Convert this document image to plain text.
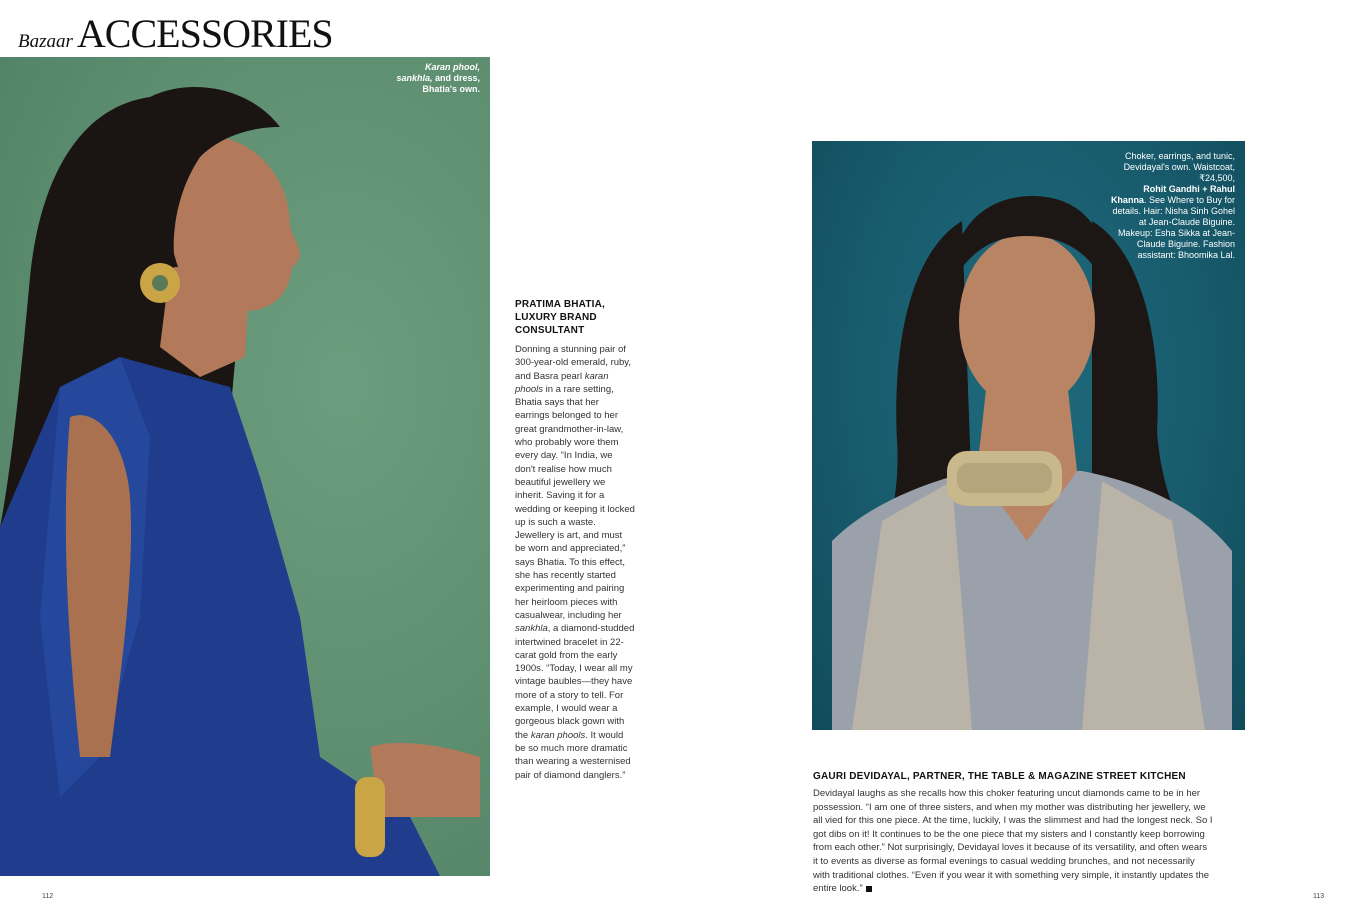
Bazaar ACCESSORIES
Karan phool,
sankhla, and dress,
Bhatia's own.
PRATIMA BHATIA, LUXURY BRAND CONSULTANT

Donning a stunning pair of 300-year-old emerald, ruby, and Basra pearl karan phools in a rare setting, Bhatia says that her earrings belonged to her great grandmother-in-law, who probably wore them every day. “In India, we don't realise how much beautiful jewellery we inherit. Saving it for a wedding or keeping it locked up is such a waste. Jewellery is art, and must be worn and appreciated,” says Bhatia. To this effect, she has recently started experimenting and pairing her heirloom pieces with casualwear, including her sankhla, a diamond-studded intertwined bracelet in 22-carat gold from the early 1900s. “Today, I wear all my vintage baubles—they have more of a story to tell. For example, I would wear a gorgeous black gown with the karan phools. It would be so much more dramatic than wearing a westernised pair of diamond danglers.”

Choker, earrings, and tunic, Devidayal's own. Waistcoat, ₹24,500,
Rohit Gandhi + Rahul Khanna. See Where to Buy for details. Hair: Nisha Sinh Gohel at Jean-Claude Biguine. Makeup: Esha Sikka at Jean-Claude Biguine. Fashion assistant: Bhoomika Lal.
GAURI DEVIDAYAL, PARTNER, THE TABLE & MAGAZINE STREET KITCHEN
Devidayal laughs as she recalls how this choker featuring uncut diamonds came to be in her possession. “I am one of three sisters, and when my mother was distributing her jewellery, we all vied for this one piece. At the time, luckily, I was the slimmest and had the longest neck. So I got dibs on it! It continues to be the one piece that my sisters and I constantly keep borrowing from each other.” Not surprisingly, Devidayal loves it because of its versatility, and often wears it to events as diverse as formal evenings to casual wedding brunches, and not necessarily with traditional clothes. “Even if you wear it with something very simple, it instantly updates the entire look.”
112	113
